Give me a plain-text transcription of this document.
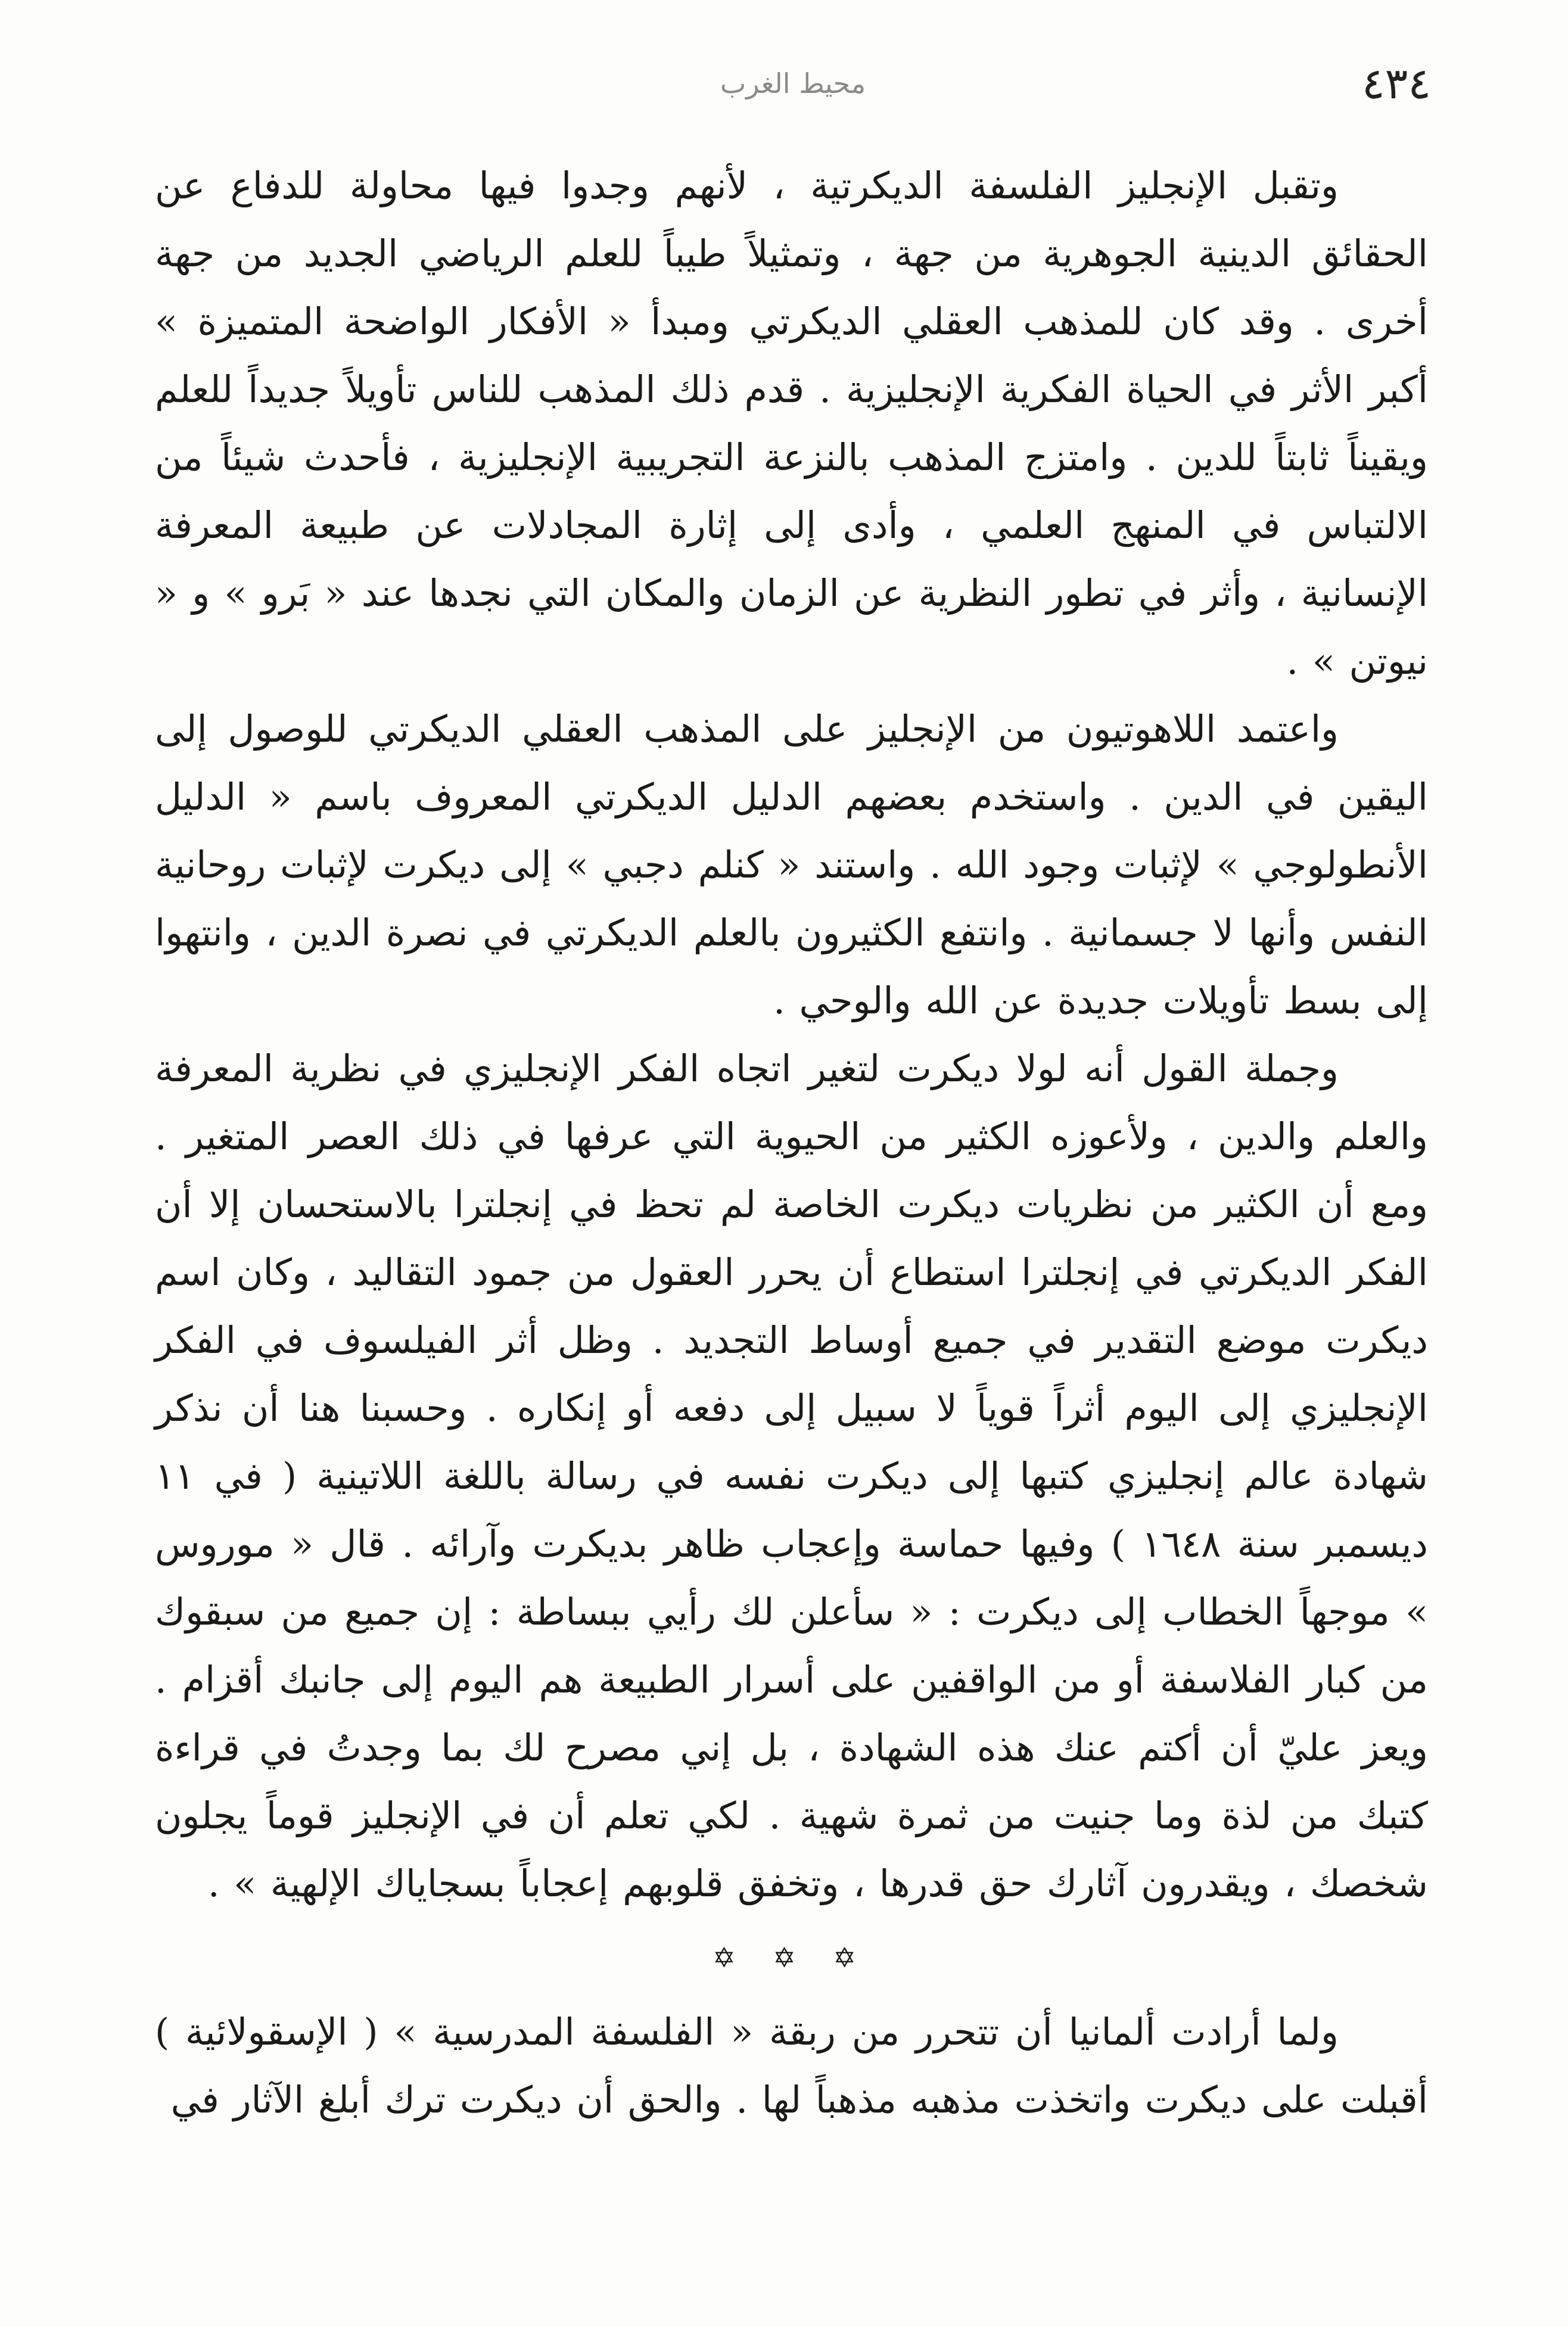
٤٣٤
محيط الغرب

وتقبل الإنجليز الفلسفة الديكرتية ، لأنهم وجدوا فيها محاولة للدفاع عن الحقائق الدينية الجوهرية من جهة ، وتمثيلاً طيباً للعلم الرياضي الجديد من جهة أخرى . وقد كان للمذهب العقلي الديكرتي ومبدأ « الأفكار الواضحة المتميزة » أكبر الأثر في الحياة الفكرية الإنجليزية . قدم ذلك المذهب للناس تأويلاً جديداً للعلم ويقيناً ثابتاً للدين . وامتزج المذهب بالنزعة التجريبية الإنجليزية ، فأحدث شيئاً من الالتباس في المنهج العلمي ، وأدى إلى إثارة المجادلات عن طبيعة المعرفة الإنسانية ، وأثر في تطور النظرية عن الزمان والمكان التي نجدها عند « بَرو » و « نيوتن » .

واعتمد اللاهوتيون من الإنجليز على المذهب العقلي الديكرتي للوصول إلى اليقين في الدين . واستخدم بعضهم الدليل الديكرتي المعروف باسم « الدليل الأنطولوجي » لإثبات وجود الله . واستند « كنلم دجبي » إلى ديكرت لإثبات روحانية النفس وأنها لا جسمانية . وانتفع الكثيرون بالعلم الديكرتي في نصرة الدين ، وانتهوا إلى بسط تأويلات جديدة عن الله والوحي .

وجملة القول أنه لولا ديكرت لتغير اتجاه الفكر الإنجليزي في نظرية المعرفة والعلم والدين ، ولأعوزه الكثير من الحيوية التي عرفها في ذلك العصر المتغير . ومع أن الكثير من نظريات ديكرت الخاصة لم تحظ في إنجلترا بالاستحسان إلا أن الفكر الديكرتي في إنجلترا استطاع أن يحرر العقول من جمود التقاليد ، وكان اسم ديكرت موضع التقدير في جميع أوساط التجديد . وظل أثر الفيلسوف في الفكر الإنجليزي إلى اليوم أثراً قوياً لا سبيل إلى دفعه أو إنكاره . وحسبنا هنا أن نذكر شهادة عالم إنجليزي كتبها إلى ديكرت نفسه في رسالة باللغة اللاتينية ( في ١١ ديسمبر سنة ١٦٤٨ ) وفيها حماسة وإعجاب ظاهر بديكرت وآرائه . قال « موروس » موجهاً الخطاب إلى ديكرت : « سأعلن لك رأيي ببساطة : إن جميع من سبقوك من كبار الفلاسفة أو من الواقفين على أسرار الطبيعة هم اليوم إلى جانبك أقزام . ويعز عليّ أن أكتم عنك هذه الشهادة ، بل إني مصرح لك بما وجدتُ في قراءة كتبك من لذة وما جنيت من ثمرة شهية . لكي تعلم أن في الإنجليز قوماً يجلون شخصك ، ويقدرون آثارك حق قدرها ، وتخفق قلوبهم إعجاباً بسجاياك الإلهية » .

✡ ✡ ✡

ولما أرادت ألمانيا أن تتحرر من ربقة « الفلسفة المدرسية » ( الإسقولائية ) أقبلت على ديكرت واتخذت مذهبه مذهباً لها . والحق أن ديكرت ترك أبلغ الآثار في
